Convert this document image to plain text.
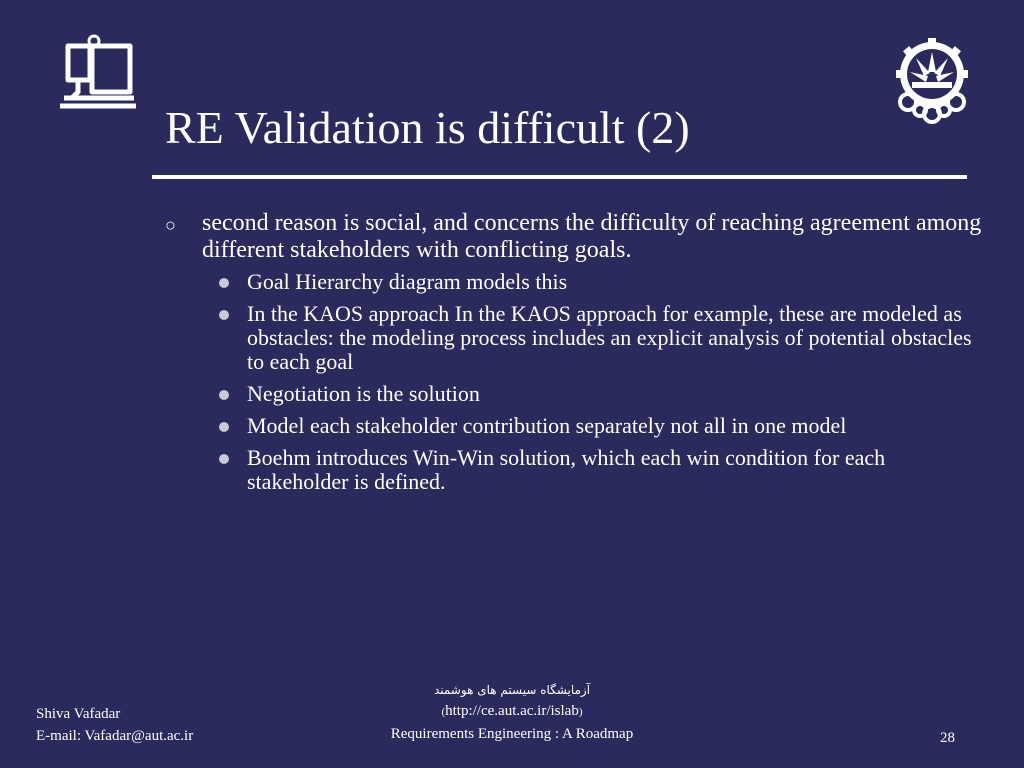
RE Validation is difficult (2)
○ second reason is social, and concerns the difficulty of reaching agreement among different stakeholders with conflicting goals.
Goal Hierarchy diagram models this
In the KAOS approach In the KAOS approach for example, these are modeled as obstacles: the modeling process includes an explicit analysis of potential obstacles to each goal
Negotiation is the solution
Model each stakeholder contribution separately not all in one model
Boehm introduces Win-Win solution, which each win condition for each stakeholder is defined.
Shiva Vafadar
E-mail: Vafadar@aut.ac.ir
آزمایشگاه سیستم های هوشمند
(http://ce.aut.ac.ir/islab)
Requirements Engineering : A Roadmap	28
